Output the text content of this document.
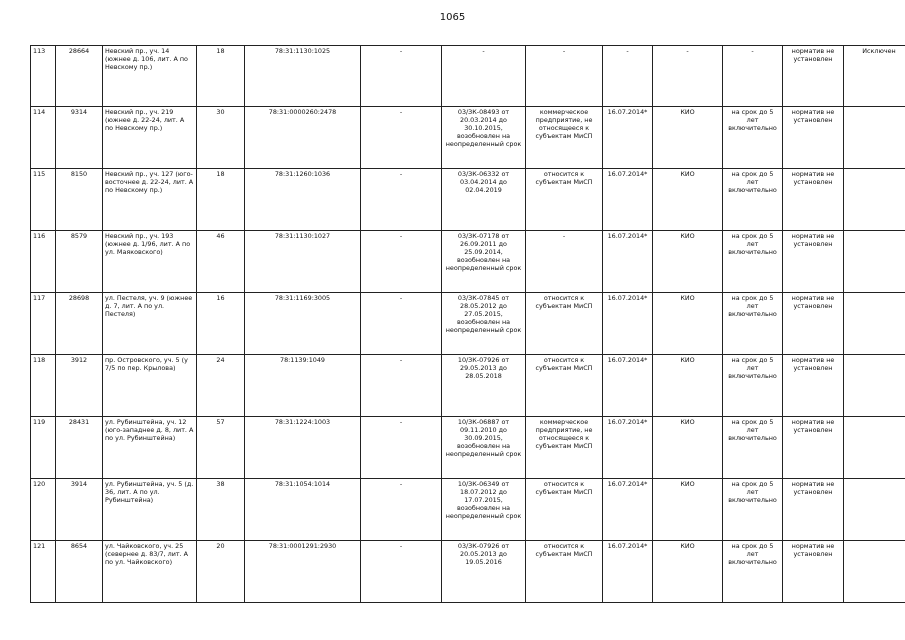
1065
113	28664	Невский пр., уч. 14 (южнее д. 106, лит. А по Невскому пр.)	18	78:31:1130:1025	-	-	-	-	-	-	норматив не установлен	Исключен
114	9314	Невский пр., уч. 219 (южнее д. 22-24, лит. А по Невскому пр.)	30	78:31:0000260:2478	-	03/ЗК-08493 от 20.03.2014 до 30.10.2015, возобновлен на неопределенный срок	коммерческое предприятие, не относящееся к субъектам МиСП	16.07.2014*	КИО	на срок до 5 лет включительно	норматив не установлен	
115	8150	Невский пр., уч. 127 (юго-восточнее д. 22-24, лит. А по Невскому пр.)	18	78:31:1260:1036	-	03/ЗК-06332 от 03.04.2014 до 02.04.2019	относится к субъектам МиСП	16.07.2014*	КИО	на срок до 5 лет включительно	норматив не установлен	
116	8579	Невский пр., уч. 193 (южнее д. 1/96, лит. А по ул. Маяковского)	46	78:31:1130:1027	-	03/ЗК-07178 от 26.09.2011 до 25.09.2014, возобновлен на неопределенный срок	-	16.07.2014*	КИО	на срок до 5 лет включительно	норматив не установлен	
117	28698	ул. Пестеля, уч. 9 (южнее д. 7, лит. А по ул. Пестеля)	16	78:31:1169:3005	-	03/ЗК-07845 от 28.05.2012 до 27.05.2015, возобновлен на неопределенный срок	относится к субъектам МиСП	16.07.2014*	КИО	на срок до 5 лет включительно	норматив не установлен	
118	3912	пр. Островского, уч. 5 (у 7/5 по пер. Крылова)	24	78:1139:1049	-	10/ЗК-07926 от 29.05.2013 до 28.05.2018	относится к субъектам МиСП	16.07.2014*	КИО	на срок до 5 лет включительно	норматив не установлен	
119	28431	ул. Рубинштейна, уч. 12 (юго-западнее д. 8, лит. А по ул. Рубинштейна)	57	78:31:1224:1003	-	10/ЗК-06887 от 09.11.2010 до 30.09.2015, возобновлен на неопределенный срок	коммерческое предприятие, не относящееся к субъектам МиСП	16.07.2014*	КИО	на срок до 5 лет включительно	норматив не установлен	
120	3914	ул. Рубинштейна, уч. 5 (д. 36, лит. А по ул. Рубинштейна)	38	78:31:1054:1014	-	10/ЗК-06349 от 18.07.2012 до 17.07.2015, возобновлен на неопределенный срок	относится к субъектам МиСП	16.07.2014*	КИО	на срок до 5 лет включительно	норматив не установлен	
121	8654	ул. Чайковского, уч. 25 (севернее д. 83/7, лит. А по ул. Чайковского)	20	78:31:0001291:2930	-	03/ЗК-07926 от 20.05.2013 до 19.05.2016	относится к субъектам МиСП	16.07.2014*	КИО	на срок до 5 лет включительно	норматив не установлен	
